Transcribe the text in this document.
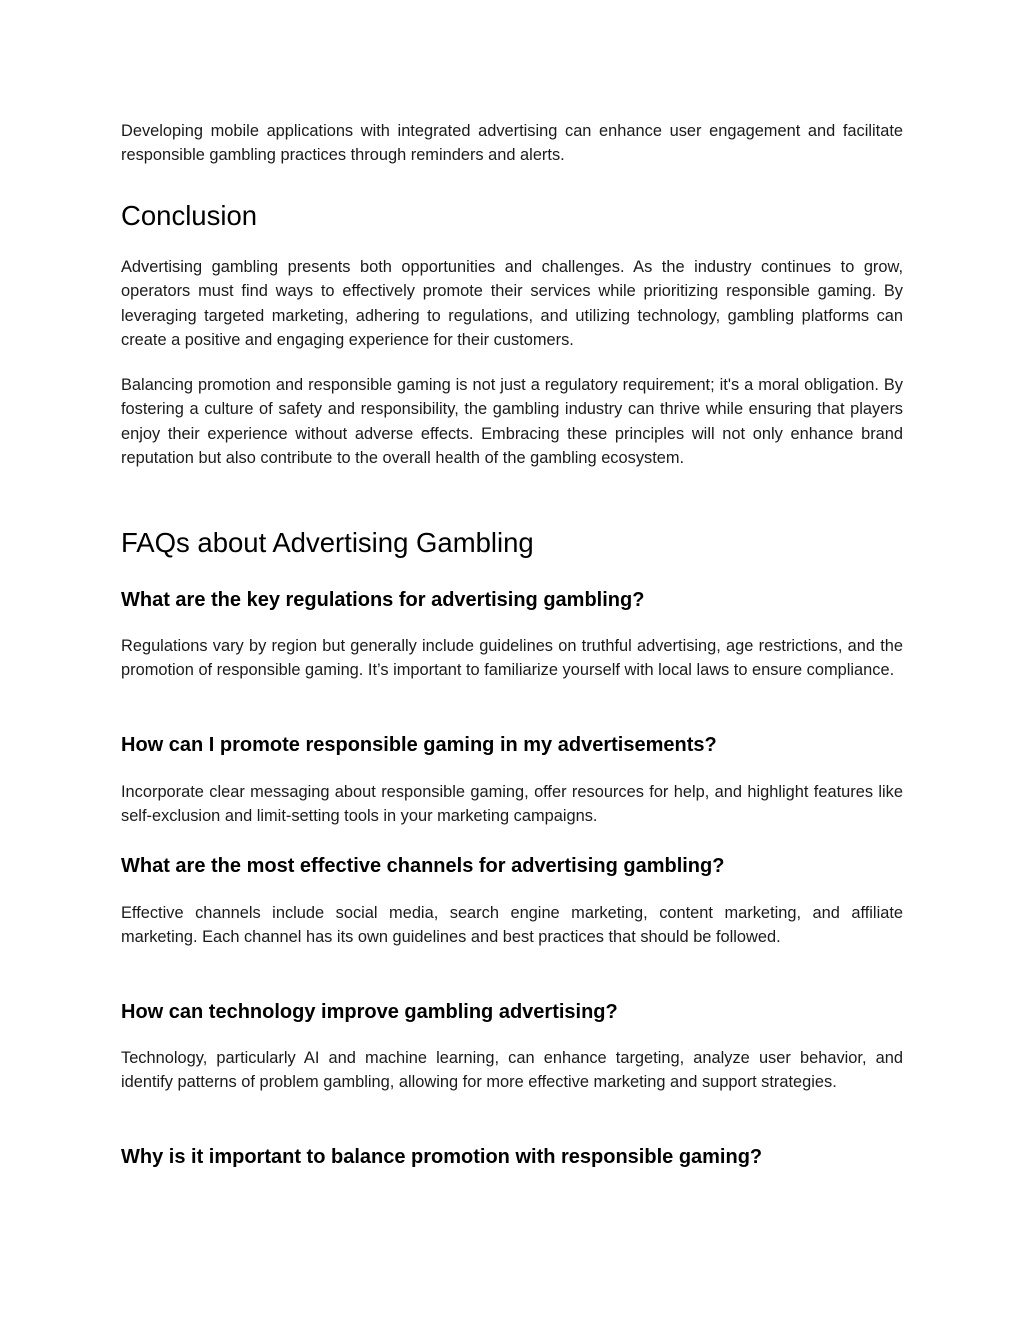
Developing mobile applications with integrated advertising can enhance user engagement and facilitate responsible gambling practices through reminders and alerts.

Conclusion

Advertising gambling presents both opportunities and challenges. As the industry continues to grow, operators must find ways to effectively promote their services while prioritizing responsible gaming. By leveraging targeted marketing, adhering to regulations, and utilizing technology, gambling platforms can create a positive and engaging experience for their customers.

Balancing promotion and responsible gaming is not just a regulatory requirement; it's a moral obligation. By fostering a culture of safety and responsibility, the gambling industry can thrive while ensuring that players enjoy their experience without adverse effects. Embracing these principles will not only enhance brand reputation but also contribute to the overall health of the gambling ecosystem.

FAQs about Advertising Gambling
What are the key regulations for advertising gambling?

Regulations vary by region but generally include guidelines on truthful advertising, age restrictions, and the promotion of responsible gaming. It’s important to familiarize yourself with local laws to ensure compliance.

How can I promote responsible gaming in my advertisements?

Incorporate clear messaging about responsible gaming, offer resources for help, and highlight features like self-exclusion and limit-setting tools in your marketing campaigns.

What are the most effective channels for advertising gambling?

Effective channels include social media, search engine marketing, content marketing, and affiliate marketing. Each channel has its own guidelines and best practices that should be followed.

How can technology improve gambling advertising?

Technology, particularly AI and machine learning, can enhance targeting, analyze user behavior, and identify patterns of problem gambling, allowing for more effective marketing and support strategies.

Why is it important to balance promotion with responsible gaming?
